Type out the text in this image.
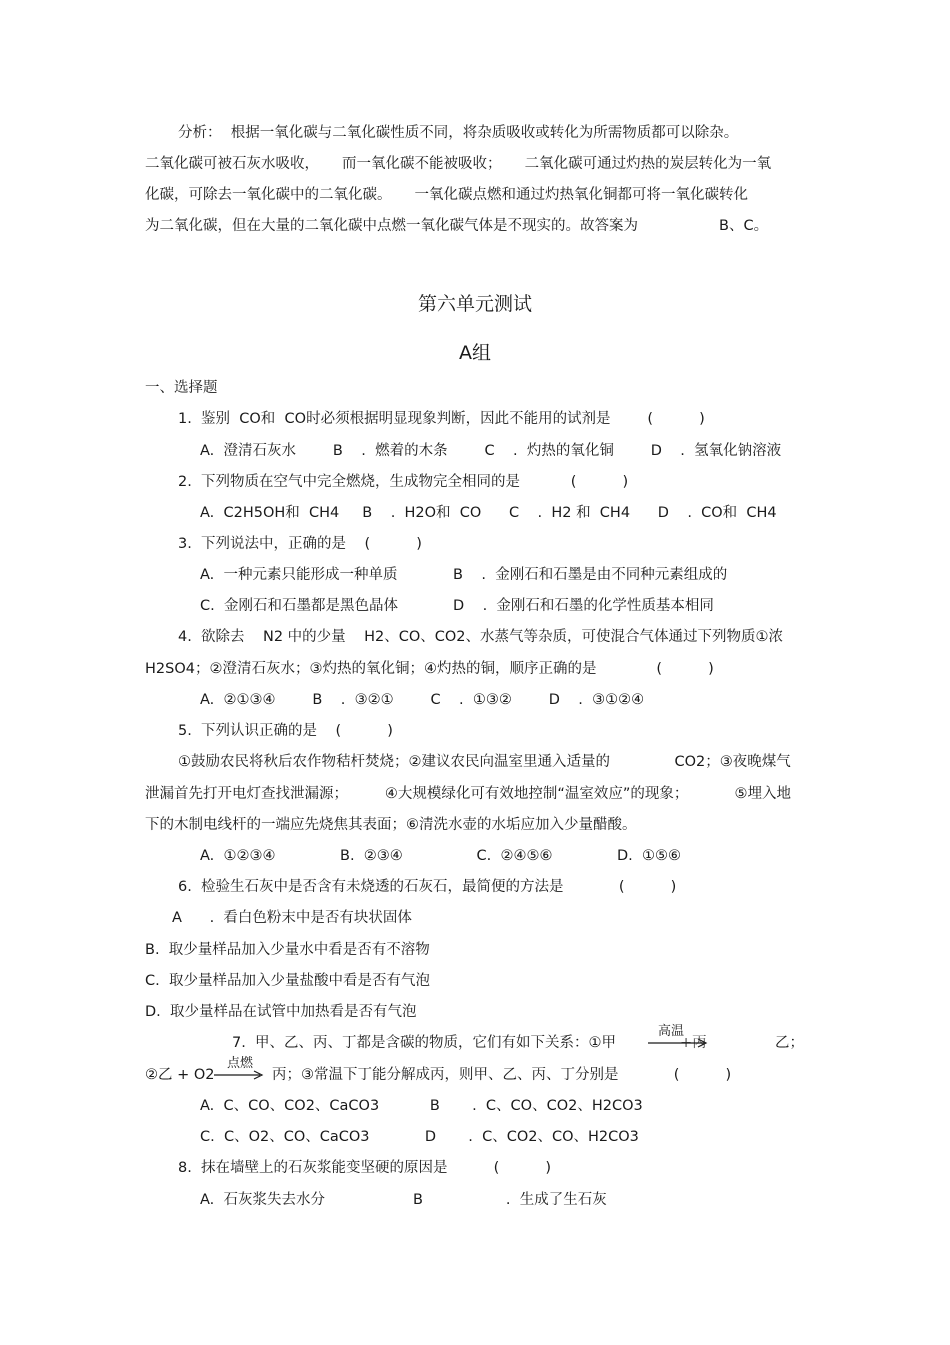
分析：  根据一氧化碳与二氧化碳性质不同，将杂质吸收或转化为所需物质都可以除杂。
二氧化碳可被石灰水吸收，     而一氧化碳不能被吸收；     二氧化碳可通过灼热的炭层转化为一氧
化碳，可除去一氧化碳中的二氧化碳。     一氧化碳点燃和通过灼热氧化铜都可将一氧化碳转化
为二氧化碳，但在大量的二氧化碳中点燃一氧化碳气体是不现实的。故答案为	B、C。
第六单元测试
A组
一、选择题
1.  鉴别  CO和  CO时必须根据明显现象判断，因此不能用的试剂是        (          )
A.  澄清石灰水        B    .  燃着的木条        C    .  灼热的氧化铜        D    .  氢氧化钠溶液
2.  下列物质在空气中完全燃烧，生成物完全相同的是           (          )
A.  C2H5OH和  CH4     B    .  H2O和  CO      C    .  H2 和  CH4      D    .  CO和  CH4
3.  下列说法中，正确的是    (          )
A.  一种元素只能形成一种单质	B    .  金刚石和石墨是由不同种元素组成的
C.  金刚石和石墨都是黑色晶体	D    .  金刚石和石墨的化学性质基本相同
4.  欲除去    N2 中的少量    H2、CO、CO2、水蒸气等杂质，可使混合气体通过下列物质①浓
H2SO4；②澄清石灰水；③灼热的氧化铜；④灼热的铜，顺序正确的是             (          )
A.  ②①③④        B    .  ③②①        C    .  ①③②        D    .  ③①②④
5.  下列认识正确的是    (          )
①鼓励农民将秋后农作物秸杆焚烧；②建议农民向温室里通入适量的              CO2；③夜晚煤气
泄漏首先打开电灯查找泄漏源；        ④大规模绿化可有效地控制“温室效应”的现象；          ⑤埋入地
下的木制电线杆的一端应先烧焦其表面；⑥清洗水壶的水垢应加入少量醋酸。
A.  ①②③④              B.  ②③④                C.  ②④⑤⑥              D.  ①⑤⑥
6.  检验生石灰中是否含有未烧透的石灰石，最简便的方法是            (          )
A      .  看白色粉末中是否有块状固体
B.  取少量样品加入少量水中看是否有不溶物
C.  取少量样品加入少量盐酸中看是否有气泡
D.  取少量样品在试管中加热看是否有气泡
7.  甲、乙、丙、丁都是含碳的物质，它们有如下关系：①甲
高温
+丙	乙；
②乙 + O2
点燃
→ 丙；③常温下丁能分解成丙，则甲、乙、丙、丁分别是            (          )
A.  C、CO、CO2、CaCO3           B       .  C、CO、CO2、H2CO3
C.  C、O2、CO、CaCO3            D       .  C、CO2、CO、H2CO3
8.  抹在墙壁上的石灰浆能变坚硬的原因是          (          )
A.  石灰浆失去水分	B                  .  生成了生石灰
